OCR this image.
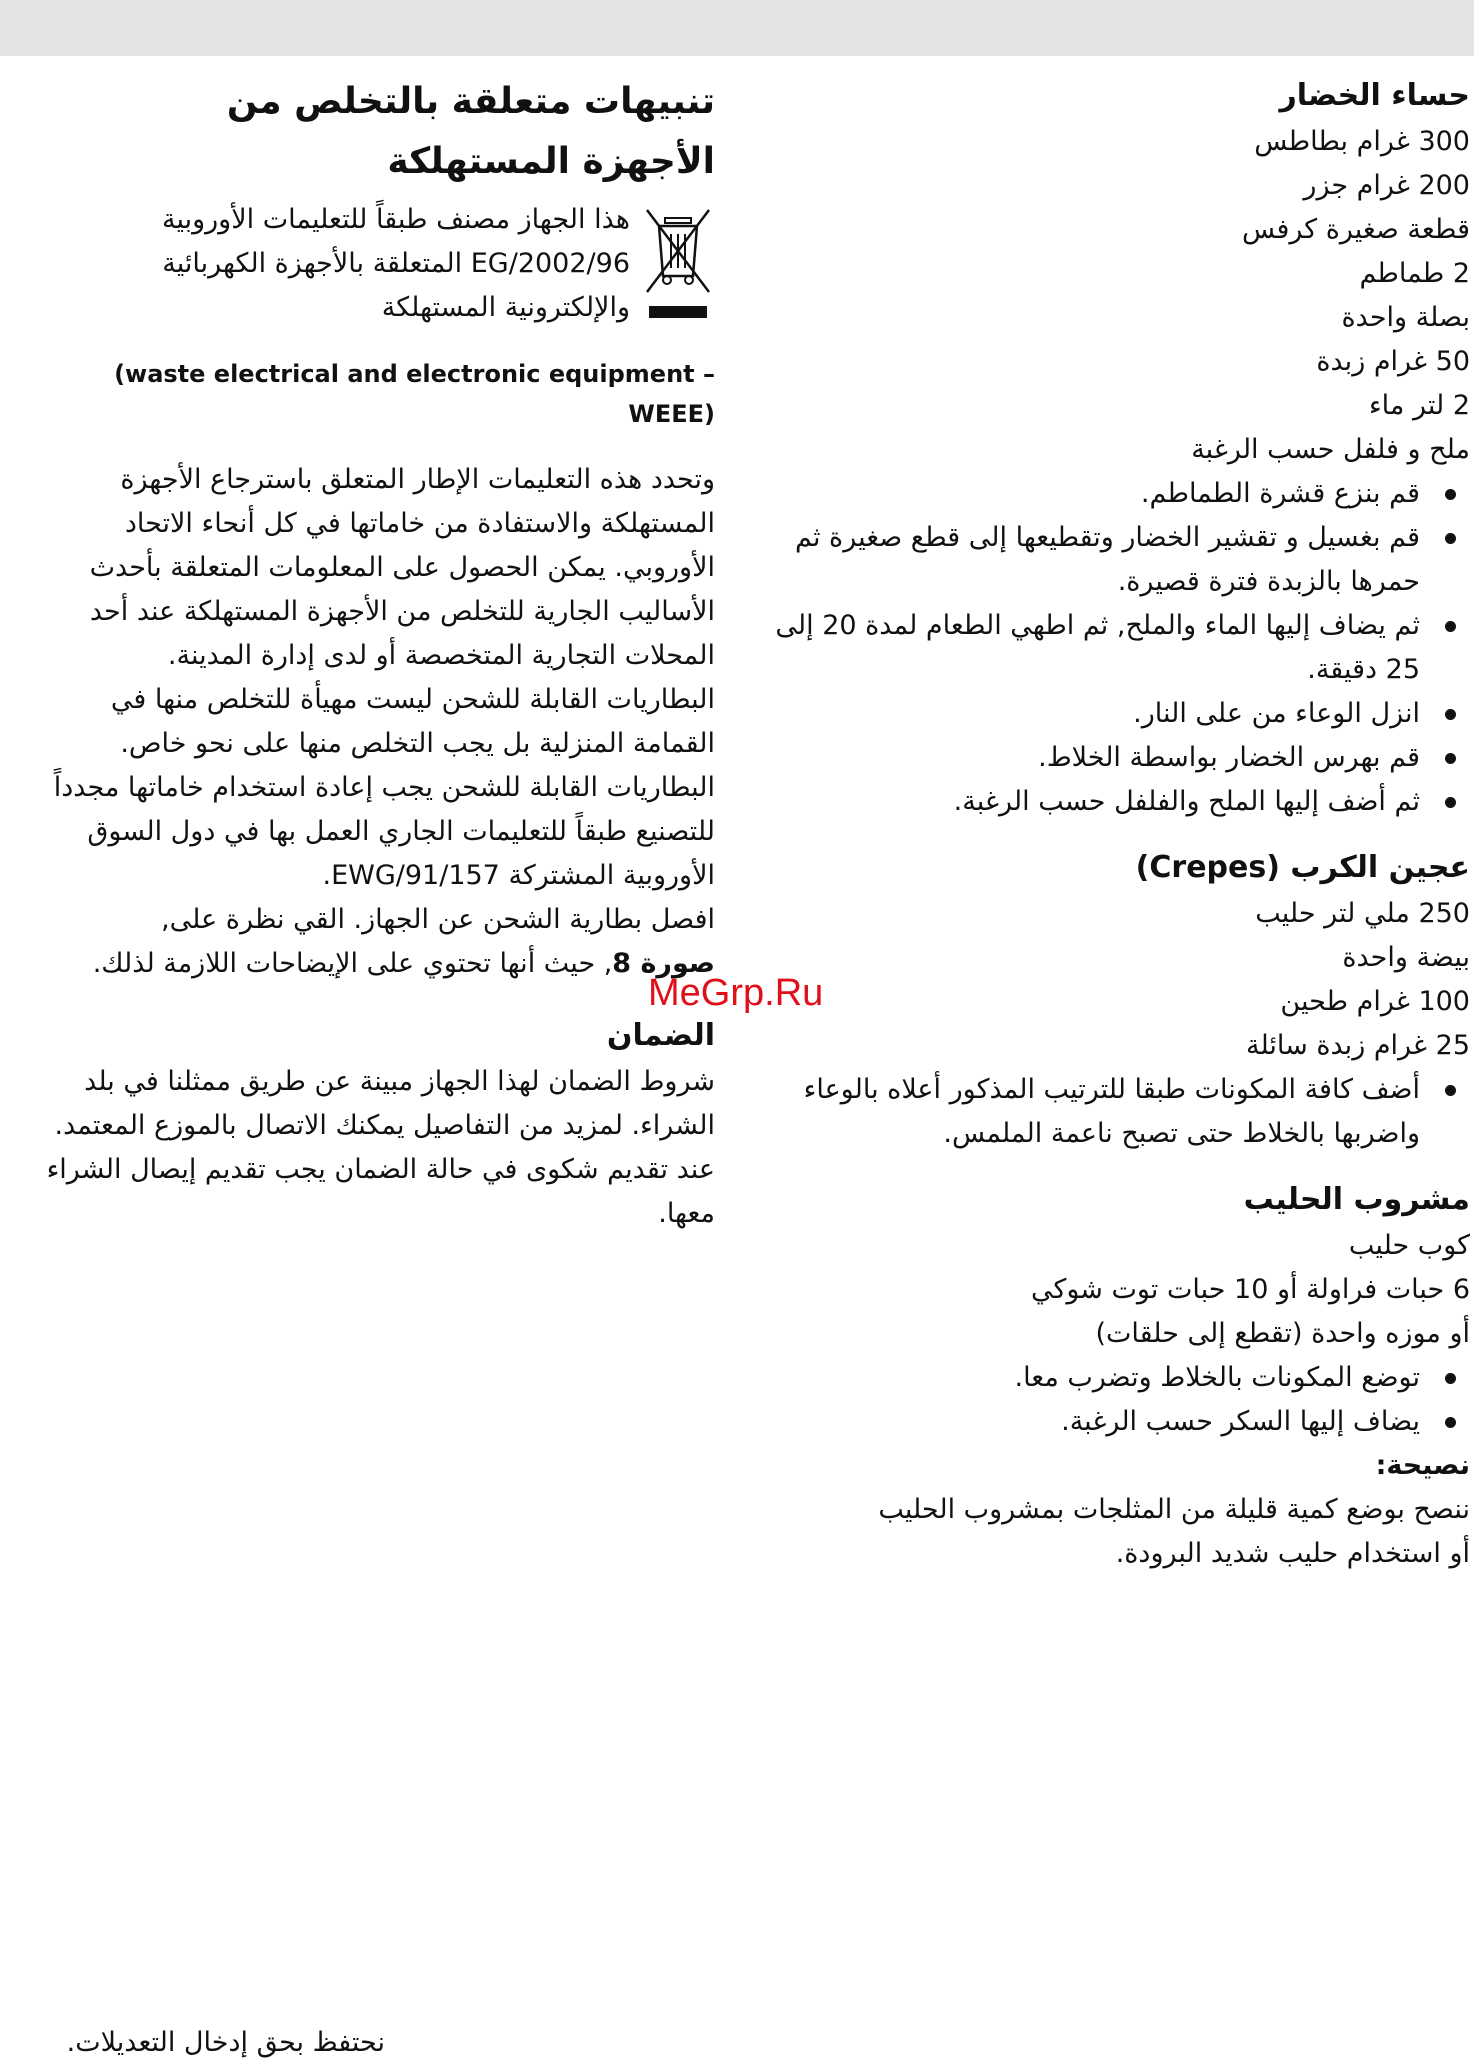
حساء الخضار

300 غرام بطاطس

200 غرام جزر

قطعة صغيرة كرفس

2 طماطم

بصلة واحدة

50 غرام زبدة

2 لتر ماء

ملح و فلفل حسب الرغبة

قم بنزع قشرة الطماطم.
قم بغسيل و تقشير الخضار وتقطيعها إلى قطع صغيرة ثم حمرها بالزبدة فترة قصيرة.
ثم يضاف إليها الماء والملح, ثم اطهي الطعام لمدة 20 إلى 25 دقيقة.
انزل الوعاء من على النار.
قم بهرس الخضار بواسطة الخلاط.
ثم أضف إليها الملح والفلفل حسب الرغبة.
عجين الكرب (Crepes)

250 ملي لتر حليب

بيضة واحدة

100 غرام طحين

25 غرام زبدة سائلة

أضف كافة المكونات طبقا للترتيب المذكور أعلاه بالوعاء واضربها بالخلاط حتى تصبح ناعمة الملمس.
مشروب الحليب

كوب حليب

6 حبات فراولة أو 10 حبات توت شوكي

أو موزه واحدة (تقطع إلى حلقات)

توضع المكونات بالخلاط وتضرب معا.
يضاف إليها السكر حسب الرغبة.

نصيحة:

ننصح بوضع كمية قليلة من المثلجات بمشروب الحليب

أو استخدام حليب شديد البرودة.

تنبيهات متعلقة بالتخلص من
الأجهزة المستهلكة

هذا الجهاز مصنف طبقاً للتعليمات الأوروبية

2002/96/EG المتعلقة بالأجهزة الكهربائية

والإلكترونية المستهلكة

(waste electrical and electronic equipment – WEEE)

وتحدد هذه التعليمات الإطار المتعلق باسترجاع الأجهزة المستهلكة والاستفادة من خاماتها في كل أنحاء الاتحاد الأوروبي. يمكن الحصول على المعلومات المتعلقة بأحدث الأساليب الجارية للتخلص من الأجهزة المستهلكة عند أحد المحلات التجارية المتخصصة أو لدى إدارة المدينة.

البطاريات القابلة للشحن ليست مهيأة للتخلص منها في القمامة المنزلية بل يجب التخلص منها على نحو خاص.

البطاريات القابلة للشحن يجب إعادة استخدام خاماتها مجدداً للتصنيع طبقاً للتعليمات الجاري العمل بها في دول السوق الأوروبية المشتركة 91/157/EWG.

افصل بطارية الشحن عن الجهاز. القي نظرة على,
صورة 8, حيث أنها تحتوي على الإيضاحات اللازمة لذلك.

الضمان

شروط الضمان لهذا الجهاز مبينة عن طريق ممثلنا في بلد الشراء. لمزيد من التفاصيل يمكنك الاتصال بالموزع المعتمد. عند تقديم شكوى في حالة الضمان يجب تقديم إيصال الشراء معها.

MeGrp.Ru
نحتفظ بحق إدخال التعديلات.
